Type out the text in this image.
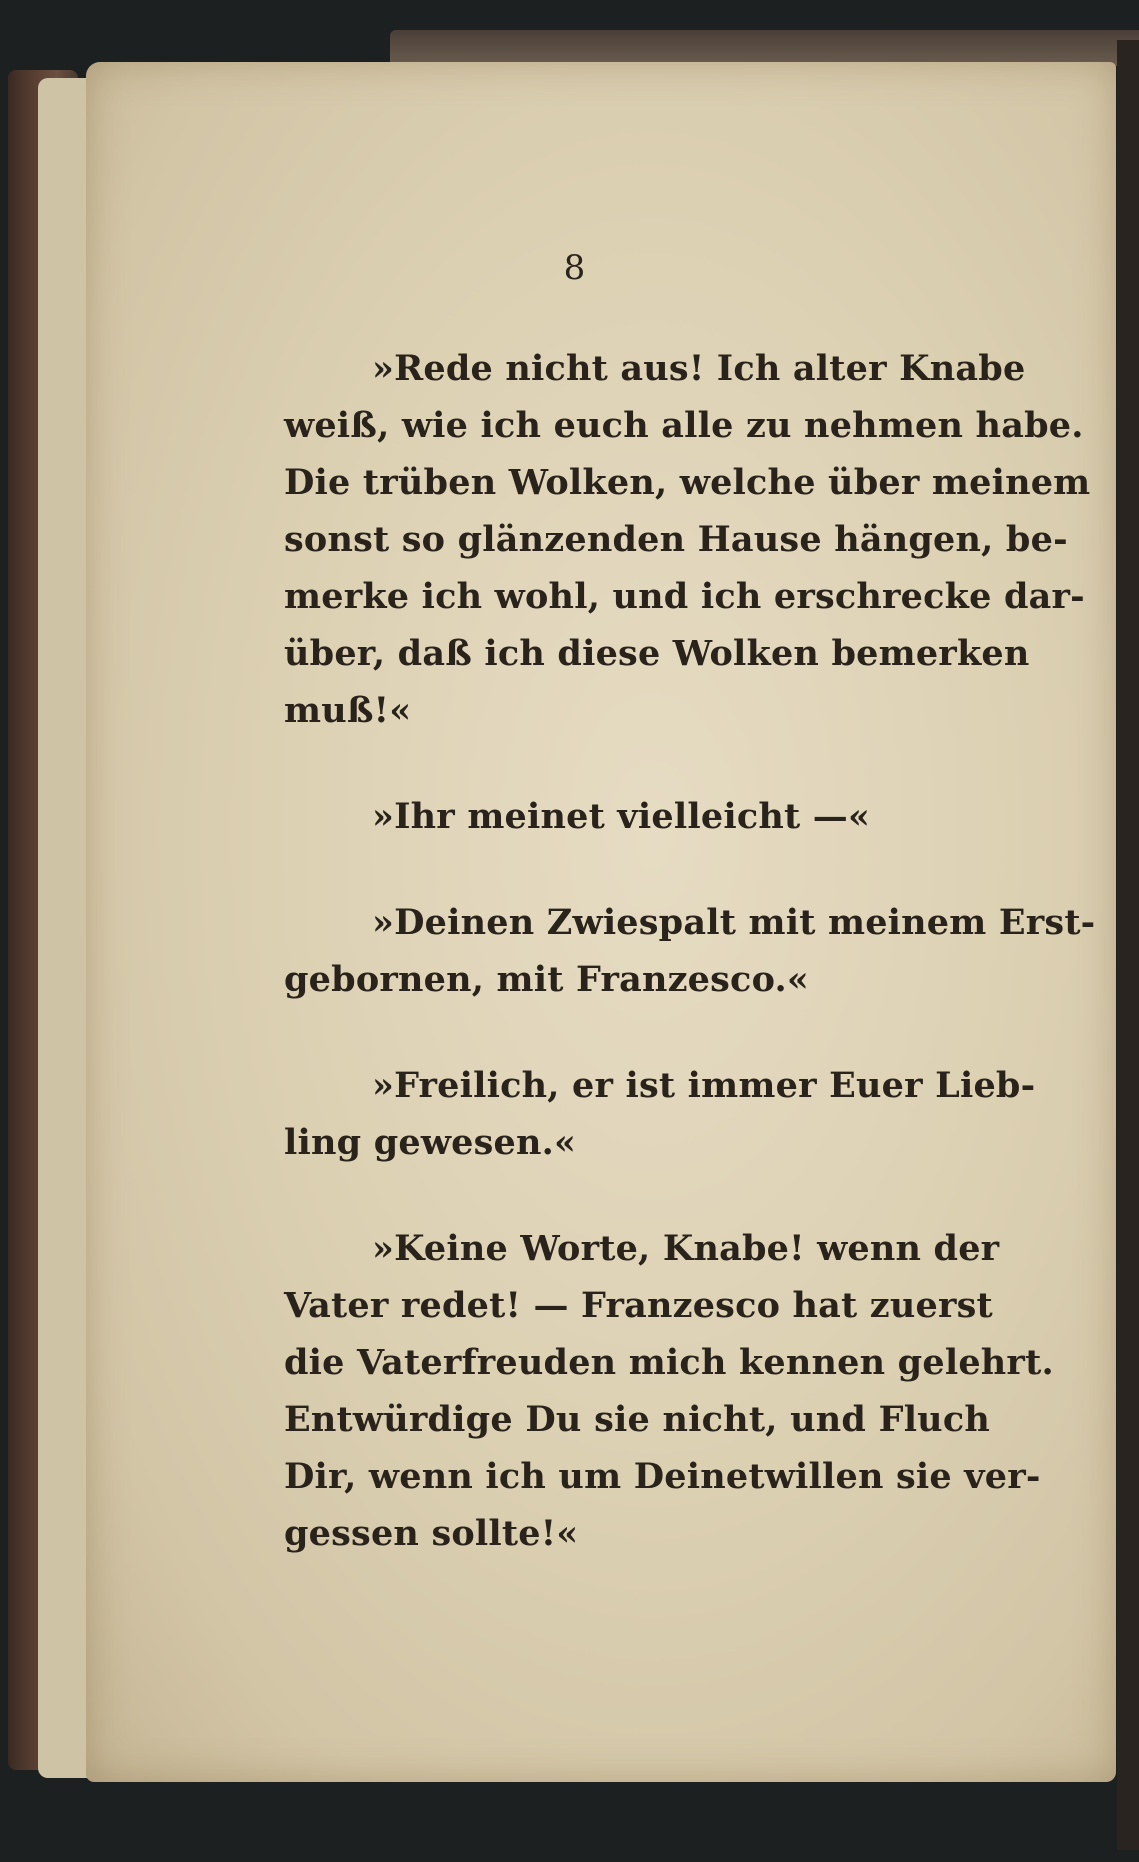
8
»Rede nicht aus! Ich alter Knabe
weiß, wie ich euch alle zu nehmen habe.
Die trüben Wolken, welche über meinem
sonst so glänzenden Hause hängen, be-
merke ich wohl, und ich erschrecke dar-
über, daß ich diese Wolken bemerken
muß!«
»Ihr meinet vielleicht —«
»Deinen Zwiespalt mit meinem Erst-
gebornen, mit Franzesco.«
»Freilich, er ist immer Euer Lieb-
ling gewesen.«
»Keine Worte, Knabe! wenn der
Vater redet! — Franzesco hat zuerst
die Vaterfreuden mich kennen gelehrt.
Entwürdige Du sie nicht, und Fluch
Dir, wenn ich um Deinetwillen sie ver-
gessen sollte!«
